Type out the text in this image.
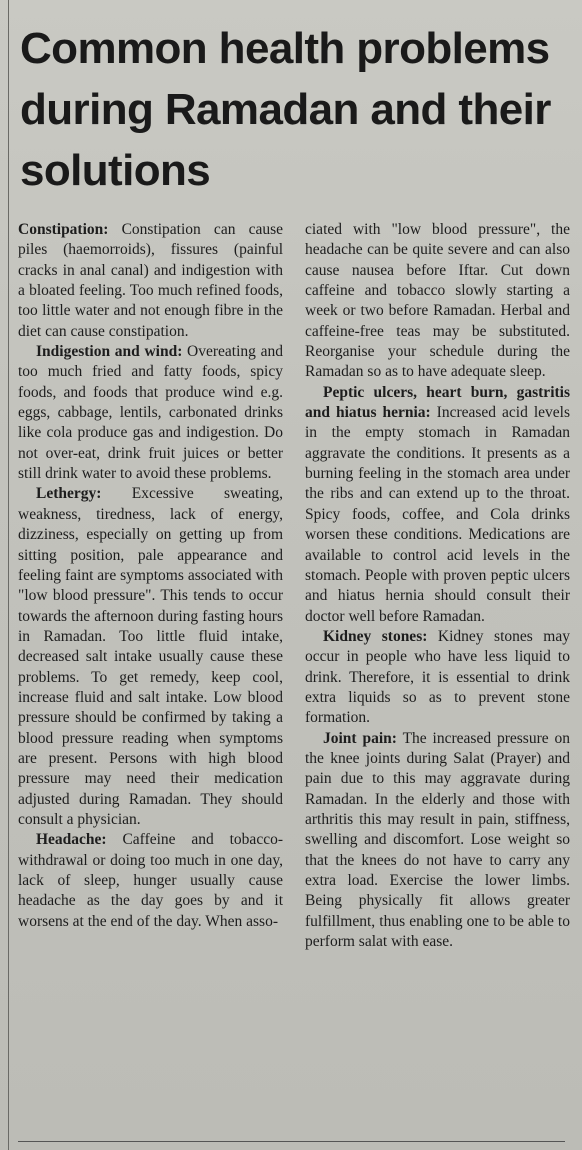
Common health problems during Ramadan and their solutions

Constipation: Constipation can cause piles (haemorroids), fissures (painful cracks in anal canal) and indigestion with a bloated feeling. Too much refined foods, too little water and not enough fibre in the diet can cause constipation.

Indigestion and wind: Overeating and too much fried and fatty foods, spicy foods, and foods that produce wind e.g. eggs, cabbage, lentils, carbonated drinks like cola produce gas and indigestion. Do not over-eat, drink fruit juices or better still drink water to avoid these problems.

Lethergy: Excessive sweating, weakness, tiredness, lack of energy, dizziness, especially on getting up from sitting position, pale appearance and feeling faint are symptoms associated with "low blood pressure". This tends to occur towards the afternoon during fasting hours in Ramadan. Too little fluid intake, decreased salt intake usually cause these problems. To get remedy, keep cool, increase fluid and salt intake. Low blood pressure should be confirmed by taking a blood pressure reading when symptoms are present. Persons with high blood pressure may need their medication adjusted during Ramadan. They should consult a physician.

Headache: Caffeine and tobacco-withdrawal or doing too much in one day, lack of sleep, hunger usually cause headache as the day goes by and it worsens at the end of the day. When asso-

ciated with "low blood pressure", the headache can be quite severe and can also cause nausea before Iftar. Cut down caffeine and tobacco slowly starting a week or two before Ramadan. Herbal and caffeine-free teas may be substituted. Reorganise your schedule during the Ramadan so as to have adequate sleep.

Peptic ulcers, heart burn, gastritis and hiatus hernia: Increased acid levels in the empty stomach in Ramadan aggravate the conditions. It presents as a burning feeling in the stomach area under the ribs and can extend up to the throat. Spicy foods, coffee, and Cola drinks worsen these conditions. Medications are available to control acid levels in the stomach. People with proven peptic ulcers and hiatus hernia should consult their doctor well before Ramadan.

Kidney stones: Kidney stones may occur in people who have less liquid to drink. Therefore, it is essential to drink extra liquids so as to prevent stone formation.

Joint pain: The increased pressure on the knee joints during Salat (Prayer) and pain due to this may aggravate during Ramadan. In the elderly and those with arthritis this may result in pain, stiffness, swelling and discomfort. Lose weight so that the knees do not have to carry any extra load. Exercise the lower limbs. Being physically fit allows greater fulfillment, thus enabling one to be able to perform salat with ease.
